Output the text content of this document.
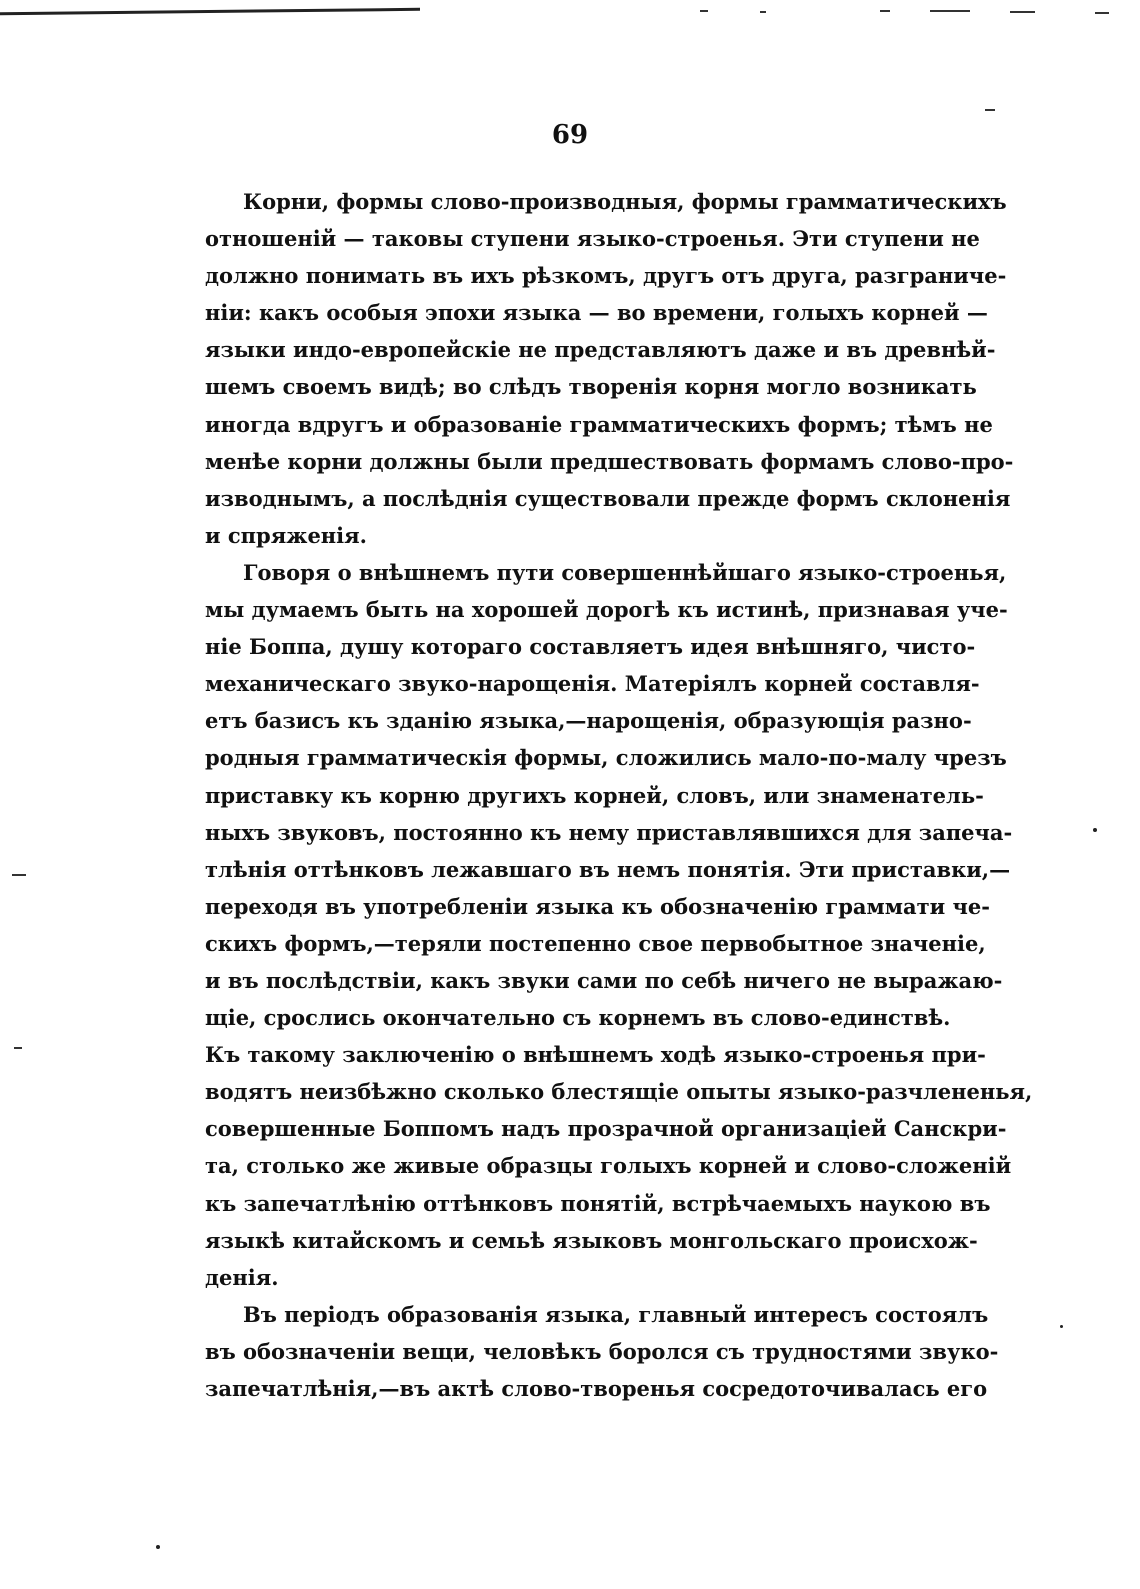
69

Корни, формы слово-производныя, формы грамматическихъ
отношеній — таковы ступени языко-строенья. Эти ступени не
должно понимать въ ихъ рѣзкомъ, другъ отъ друга, разграниче-
ніи: какъ особыя эпохи языка — во времени, голыхъ корней —
языки индо-европейскіе не представляютъ даже и въ древнѣй-
шемъ своемъ видѣ; во слѣдъ творенія корня могло возникать
иногда вдругъ и образованіе грамматическихъ формъ; тѣмъ не
менѣе корни должны были предшествовать формамъ слово-про-
изводнымъ, а послѣднія существовали прежде формъ склоненія
и спряженія.

Говоря о внѣшнемъ пути совершеннѣйшаго языко-строенья,
мы думаемъ быть на хорошей дорогѣ къ истинѣ, признавая уче-
ніе Боппа, душу котораго составляетъ идея внѣшняго, чисто-
механическаго звуко-нарощенія. Матеріялъ корней составля-
етъ базисъ къ зданію языка,—нарощенія, образующія разно-
родныя грамматическія формы, сложились мало-по-малу чрезъ
приставку къ корню другихъ корней, словъ, или знаменатель-
ныхъ звуковъ, постоянно къ нему приставлявшихся для запеча-
тлѣнія оттѣнковъ лежавшаго въ немъ понятія. Эти приставки,—
переходя въ употребленіи языка къ обозначенію граммати че-
скихъ формъ,—теряли постепенно свое первобытное значеніе,
и въ послѣдствіи, какъ звуки сами по себѣ ничего не выражаю-
щіе, срослись окончательно съ корнемъ въ слово-единствѣ.
Къ такому заключенію о внѣшнемъ ходѣ языко-строенья при-
водятъ неизбѣжно сколько блестящіе опыты языко-разчлененья,
совершенные Боппомъ надъ прозрачной организаціей Санскри-
та, столько же живые образцы голыхъ корней и слово-сложеній
къ запечатлѣнію оттѣнковъ понятій, встрѣчаемыхъ наукою въ
языкѣ китайскомъ и семьѣ языковъ монгольскаго происхож-
денія.

Въ періодъ образованія языка, главный интересъ состоялъ
въ обозначеніи вещи, человѣкъ боролся съ трудностями звуко-
запечатлѣнія,—въ актѣ слово-творенья сосредоточивалась его
